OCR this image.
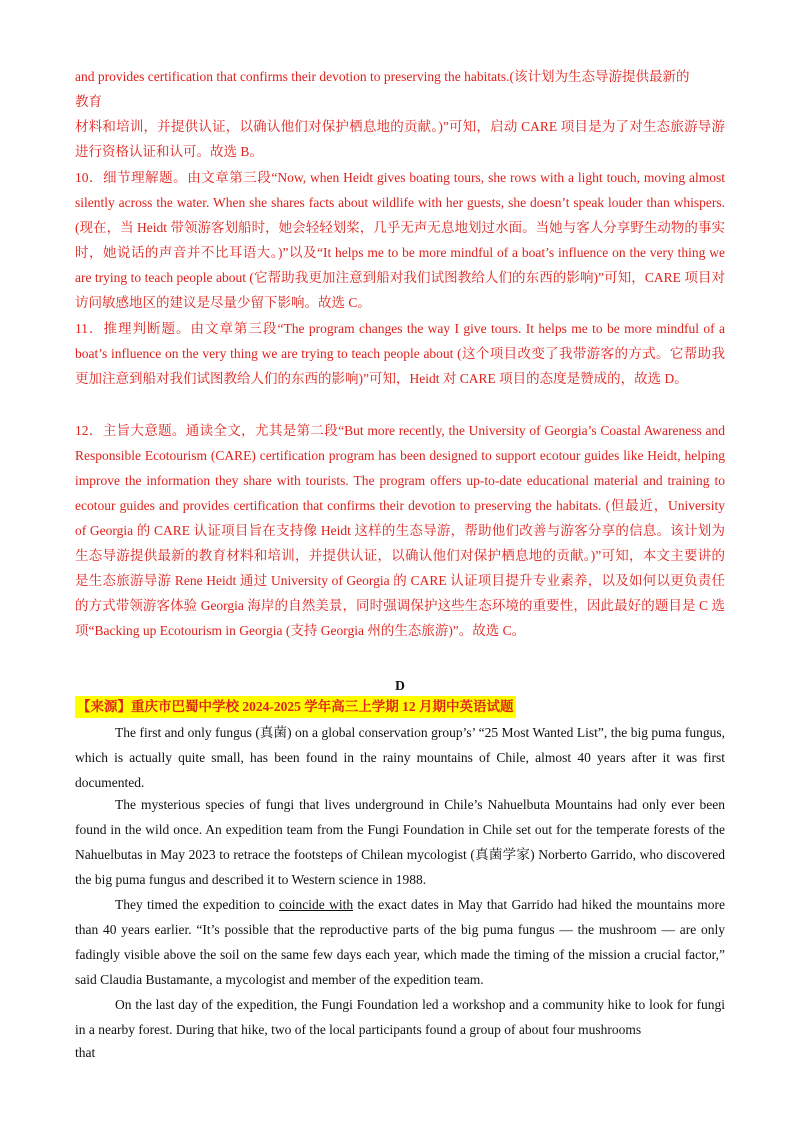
and provides certification that confirms their devotion to preserving the habitats.(该计划为生态导游提供最新的

教育

材料和培训，并提供认证，以确认他们对保护栖息地的贡献。)”可知，启动 CARE 项目是为了对生态旅游导游进行资格认证和认可。故选 B。

10．细节理解题。由文章第三段“Now, when Heidt gives boating tours, she rows with a light touch, moving almost silently across the water. When she shares facts about wildlife with her guests, she doesn’t speak louder than whispers.(现在，当 Heidt 带领游客划船时，她会轻轻划桨，几乎无声无息地划过水面。当她与客人分享野生动物的事实时，她说话的声音并不比耳语大。)”以及“It helps me to be more mindful of a boat’s influence on the very thing we are trying to teach people about (它帮助我更加注意到船对我们试图教给人们的东西的影响)”可知，CARE 项目对访问敏感地区的建议是尽量少留下影响。故选 C。

11．推理判断题。由文章第三段“The program changes the way I give tours. It helps me to be more mindful of a boat’s influence on the very thing we are trying to teach people about (这个项目改变了我带游客的方式。它帮助我更加注意到船对我们试图教给人们的东西的影响)”可知，Heidt 对 CARE 项目的态度是赞成的，故选 D。

12．主旨大意题。通读全文，尤其是第二段“But more recently, the University of Georgia’s Coastal Awareness and Responsible Ecotourism (CARE) certification program has been designed to support ecotour guides like Heidt, helping improve the information they share with tourists. The program offers up-to-date educational material and training to ecotour guides and provides certification that confirms their devotion to preserving the habitats. (但最近，University of Georgia 的 CARE 认证项目旨在支持像 Heidt 这样的生态导游，帮助他们改善与游客分享的信息。该计划为生态导游提供最新的教育材料和培训，并提供认证，以确认他们对保护栖息地的贡献。)”可知，本文主要讲的是生态旅游导游 Rene Heidt 通过 University of Georgia 的 CARE 认证项目提升专业素养，以及如何以更负责任的方式带领游客体验 Georgia 海岸的自然美景，同时强调保护这些生态环境的重要性，因此最好的题目是 C 选项“Backing up Ecotourism in Georgia (支持 Georgia 州的生态旅游)”。故选 C。

D
【来源】重庆市巴蜀中学校 2024-2025 学年高三上学期 12 月期中英语试题

The first and only fungus (真菌) on a global conservation group’s’ “25 Most Wanted List”, the big puma fungus, which is actually quite small, has been found in the rainy mountains of Chile, almost 40 years after it was first documented.

The mysterious species of fungi that lives underground in Chile’s Nahuelbuta Mountains had only ever been found in the wild once. An expedition team from the Fungi Foundation in Chile set out for the temperate forests of the Nahuelbutas in May 2023 to retrace the footsteps of Chilean mycologist (真菌学家) Norberto Garrido, who discovered the big puma fungus and described it to Western science in 1988.

They timed the expedition to coincide with the exact dates in May that Garrido had hiked the mountains more than 40 years earlier. “It’s possible that the reproductive parts of the big puma fungus — the mushroom — are only fadingly visible above the soil on the same few days each year, which made the timing of the mission a crucial factor,” said Claudia Bustamante, a mycologist and member of the expedition team.

On the last day of the expedition, the Fungi Foundation led a workshop and a community hike to look for fungi in a nearby forest. During that hike, two of the local participants found a group of about four mushrooms

that
